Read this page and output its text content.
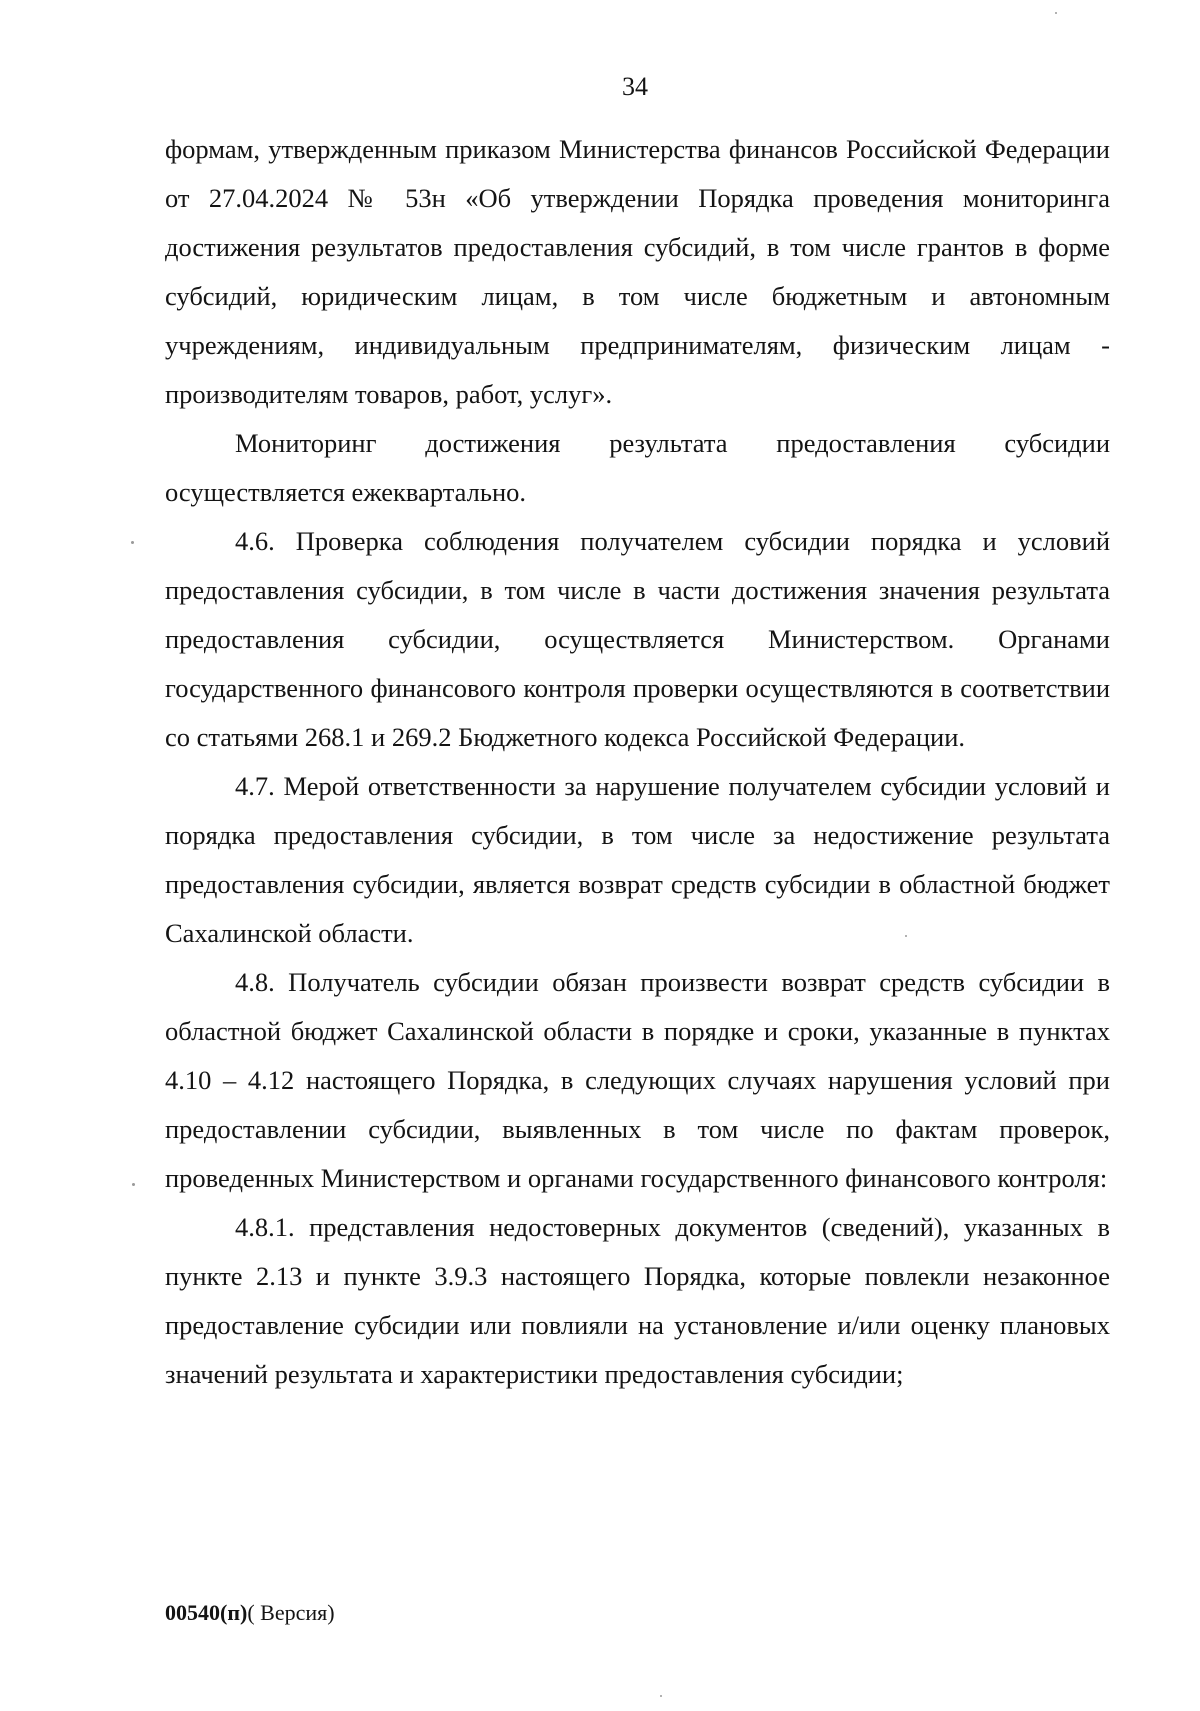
34

формам, утвержденным приказом Министерства финансов Российской Федерации от 27.04.2024 № 53н «Об утверждении Порядка проведения мониторинга достижения результатов предоставления субсидий, в том числе грантов в форме субсидий, юридическим лицам, в том числе бюджетным и автономным учреждениям, индивидуальным предпринимателям, физическим лицам - производителям товаров, работ, услуг».

Мониторинг достижения результата предоставления субсидии осуществляется ежеквартально.

4.6. Проверка соблюдения получателем субсидии порядка и условий предоставления субсидии, в том числе в части достижения значения результата предоставления субсидии, осуществляется Министерством. Органами государственного финансового контроля проверки осуществляются в соответствии со статьями 268.1 и 269.2 Бюджетного кодекса Российской Федерации.

4.7. Мерой ответственности за нарушение получателем субсидии условий и порядка предоставления субсидии, в том числе за недостижение результата предоставления субсидии, является возврат средств субсидии в областной бюджет Сахалинской области.

4.8. Получатель субсидии обязан произвести возврат средств субсидии в областной бюджет Сахалинской области в порядке и сроки, указанные в пунктах 4.10 – 4.12 настоящего Порядка, в следующих случаях нарушения условий при предоставлении субсидии, выявленных в том числе по фактам проверок, проведенных Министерством и органами государственного финансового контроля:

4.8.1. представления недостоверных документов (сведений), указанных в пункте 2.13 и пункте 3.9.3 настоящего Порядка, которые повлекли незаконное предоставление субсидии или повлияли на установление и/или оценку плановых значений результата и характеристики предоставления субсидии;

00540(п)( Версия)
